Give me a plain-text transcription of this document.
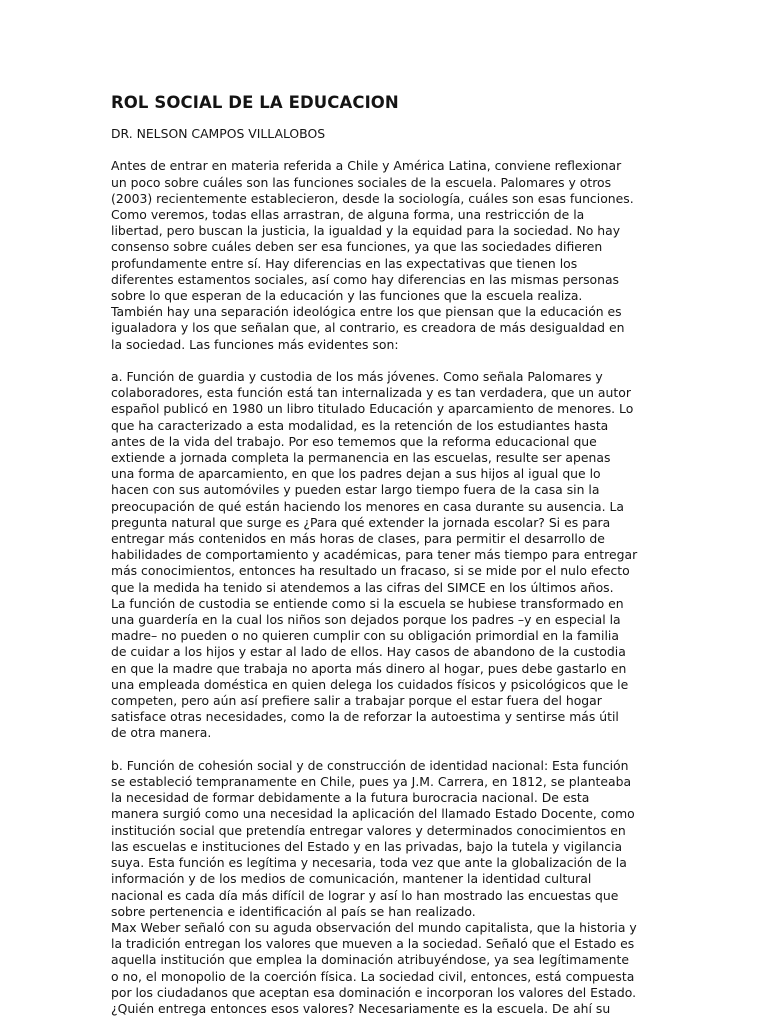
ROL SOCIAL DE LA EDUCACION

DR. NELSON CAMPOS VILLALOBOS

Antes de entrar en materia referida a Chile y América Latina, conviene reflexionar
un poco sobre cuáles son las funciones sociales de la escuela. Palomares y otros
(2003) recientemente establecieron, desde la sociología, cuáles son esas funciones.
Como veremos, todas ellas arrastran, de alguna forma, una restricción de la
libertad, pero buscan la justicia, la igualdad y la equidad para la sociedad. No hay
consenso sobre cuáles deben ser esa funciones, ya que las sociedades difieren
profundamente entre sí. Hay diferencias en las expectativas que tienen los
diferentes estamentos sociales, así como hay diferencias en las mismas personas
sobre lo que esperan de la educación y las funciones que la escuela realiza.
También hay una separación ideológica entre los que piensan que la educación es
igualadora y los que señalan que, al contrario, es creadora de más desigualdad en
la sociedad. Las funciones más evidentes son:

a. Función de guardia y custodia de los más jóvenes. Como señala Palomares y
colaboradores, esta función está tan internalizada y es tan verdadera, que un autor
español publicó en 1980 un libro titulado Educación y aparcamiento de menores. Lo
que ha caracterizado a esta modalidad, es la retención de los estudiantes hasta
antes de la vida del trabajo. Por eso tememos que la reforma educacional que
extiende a jornada completa la permanencia en las escuelas, resulte ser apenas
una forma de aparcamiento, en que los padres dejan a sus hijos al igual que lo
hacen con sus automóviles y pueden estar largo tiempo fuera de la casa sin la
preocupación de qué están haciendo los menores en casa durante su ausencia. La
pregunta natural que surge es ¿Para qué extender la jornada escolar? Si es para
entregar más contenidos en más horas de clases, para permitir el desarrollo de
habilidades de comportamiento y académicas, para tener más tiempo para entregar
más conocimientos, entonces ha resultado un fracaso, si se mide por el nulo efecto
que la medida ha tenido si atendemos a las cifras del SIMCE en los últimos años.
La función de custodia se entiende como si la escuela se hubiese transformado en
una guardería en la cual los niños son dejados porque los padres –y en especial la
madre– no pueden o no quieren cumplir con su obligación primordial en la familia
de cuidar a los hijos y estar al lado de ellos. Hay casos de abandono de la custodia
en que la madre que trabaja no aporta más dinero al hogar, pues debe gastarlo en
una empleada doméstica en quien delega los cuidados físicos y psicológicos que le
competen, pero aún así prefiere salir a trabajar porque el estar fuera del hogar
satisface otras necesidades, como la de reforzar la autoestima y sentirse más útil
de otra manera.

b. Función de cohesión social y de construcción de identidad nacional: Esta función
se estableció tempranamente en Chile, pues ya J.M. Carrera, en 1812, se planteaba
la necesidad de formar debidamente a la futura burocracia nacional. De esta
manera surgió como una necesidad la aplicación del llamado Estado Docente, como
institución social que pretendía entregar valores y determinados conocimientos en
las escuelas e instituciones del Estado y en las privadas, bajo la tutela y vigilancia
suya. Esta función es legítima y necesaria, toda vez que ante la globalización de la
información y de los medios de comunicación, mantener la identidad cultural
nacional es cada día más difícil de lograr y así lo han mostrado las encuestas que
sobre pertenencia e identificación al país se han realizado.
Max Weber señaló con su aguda observación del mundo capitalista, que la historia y
la tradición entregan los valores que mueven a la sociedad. Señaló que el Estado es
aquella institución que emplea la dominación atribuyéndose, ya sea legítimamente
o no, el monopolio de la coerción física. La sociedad civil, entonces, está compuesta
por los ciudadanos que aceptan esa dominación e incorporan los valores del Estado.
¿Quién entrega entonces esos valores? Necesariamente es la escuela. De ahí su
